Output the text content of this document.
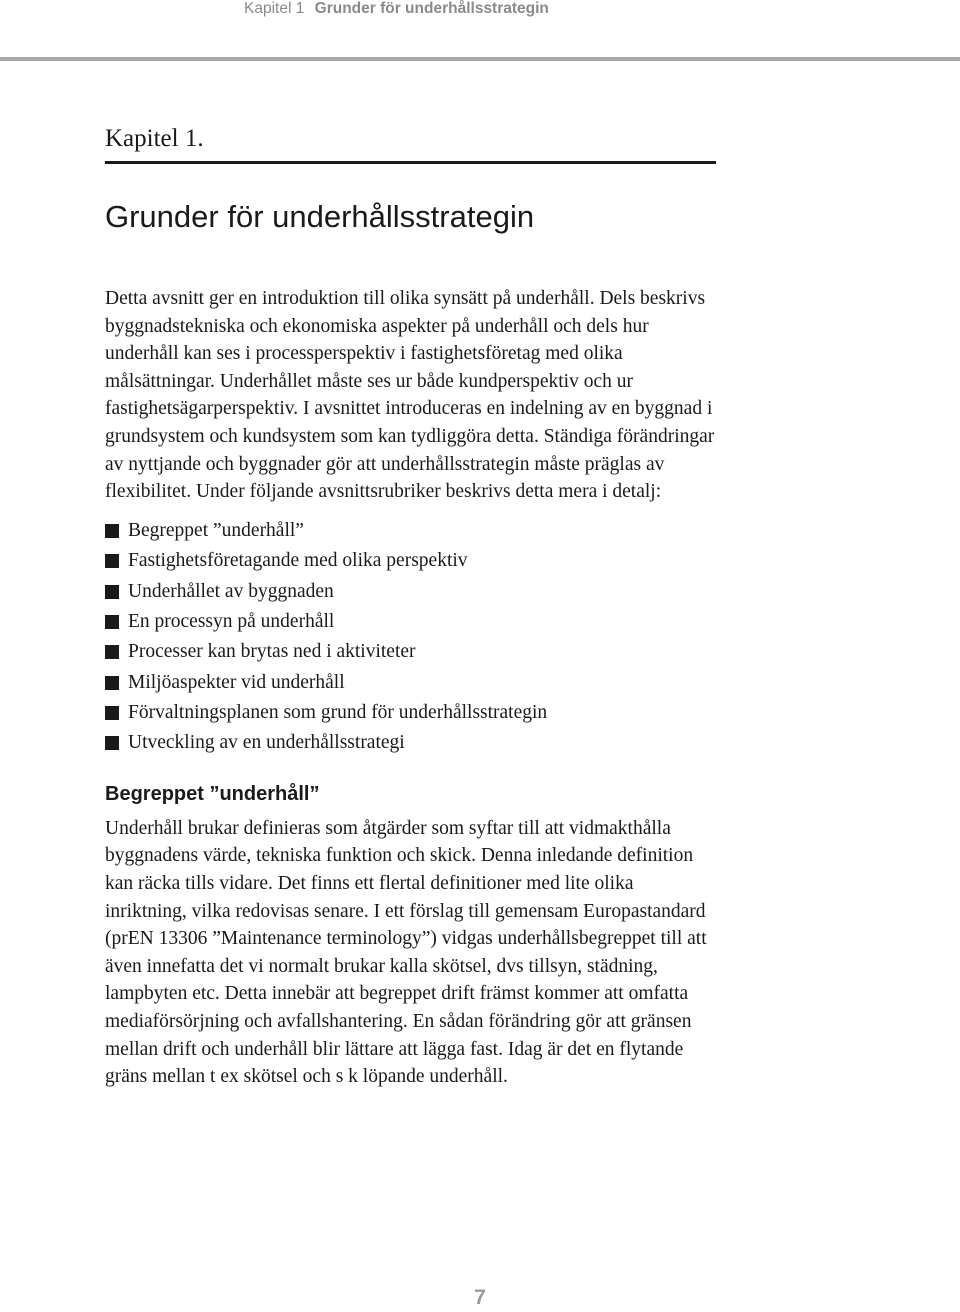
Kapitel 1 Grunder för underhållsstrategin
Kapitel 1.
Grunder för underhållsstrategin

Detta avsnitt ger en introduktion till olika synsätt på underhåll. Dels beskrivs byggnadstekniska och ekonomiska aspekter på underhåll och dels hur underhåll kan ses i processperspektiv i fastighetsföretag med olika målsättningar. Underhållet måste ses ur både kundperspektiv och ur fastighetsägarperspektiv. I avsnittet introduceras en indelning av en byggnad i grundsystem och kundsystem som kan tydliggöra detta. Ständiga förändringar av nyttjande och byggnader gör att underhållsstrategin måste präglas av flexibilitet. Under följande avsnittsrubriker beskrivs detta mera i detalj:

Begreppet ”underhåll”
Fastighetsföretagande med olika perspektiv
Underhållet av byggnaden
En processyn på underhåll
Processer kan brytas ned i aktiviteter
Miljöaspekter vid underhåll
Förvaltningsplanen som grund för underhållsstrategin
Utveckling av en underhållsstrategi
Begreppet ”underhåll”

Underhåll brukar definieras som åtgärder som syftar till att vidmakthålla byggnadens värde, tekniska funktion och skick. Denna inledande definition kan räcka tills vidare. Det finns ett flertal definitioner med lite olika inriktning, vilka redovisas senare. I ett förslag till gemensam Europastandard (prEN 13306 ”Maintenance terminology”) vidgas underhållsbegreppet till att även innefatta det vi normalt brukar kalla skötsel, dvs tillsyn, städning, lampbyten etc. Detta innebär att begreppet drift främst kommer att omfatta mediaförsörjning och avfallshantering. En sådan förändring gör att gränsen mellan drift och underhåll blir lättare att lägga fast. Idag är det en flytande gräns mellan t ex skötsel och s k löpande underhåll.

7
